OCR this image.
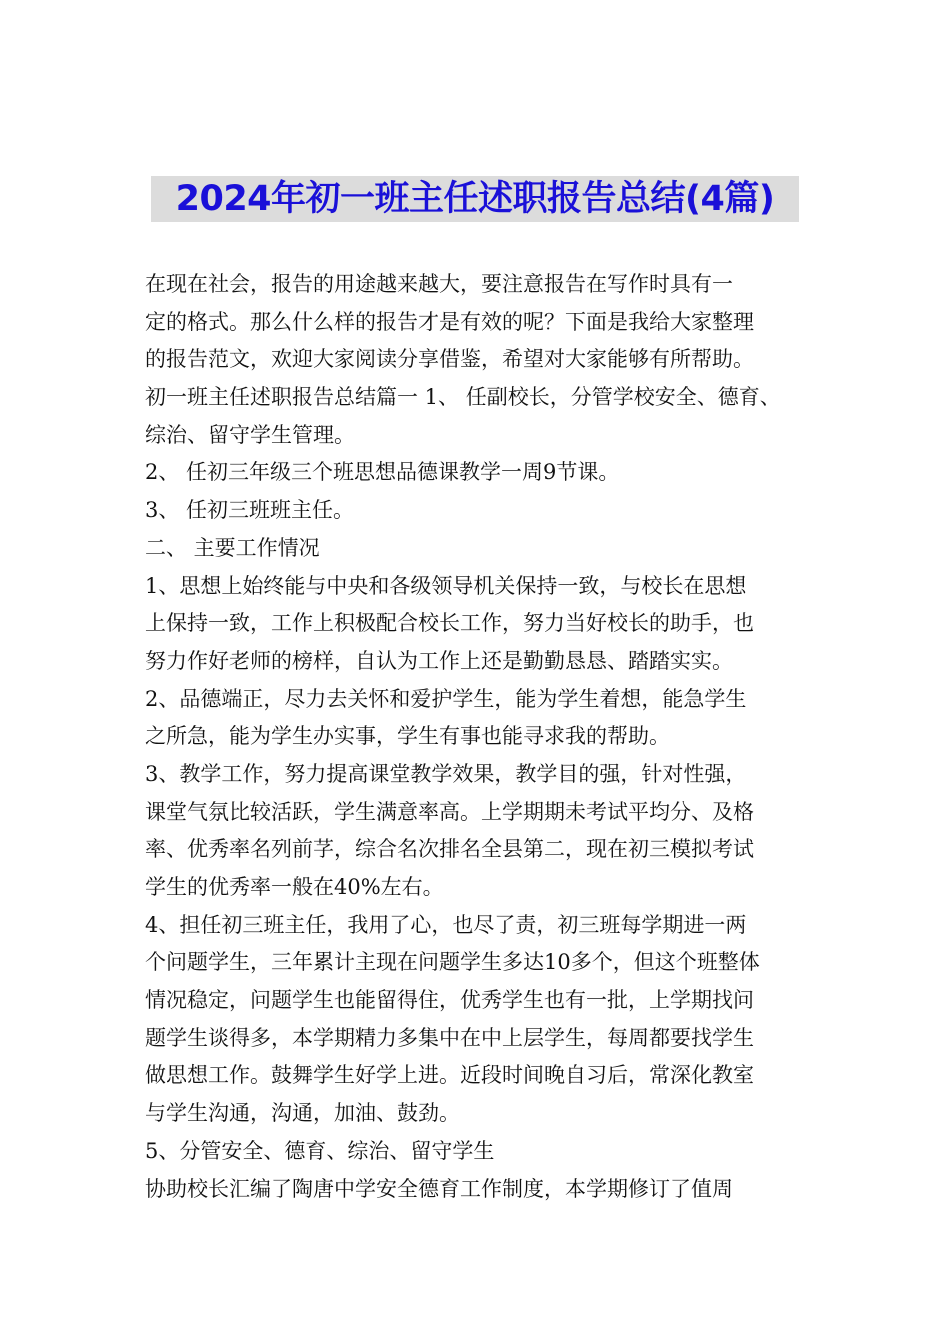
2024年初一班主任述职报告总结(4篇)

在现在社会，报告的用途越来越大，要注意报告在写作时具有一

定的格式。那么什么样的报告才是有效的呢？下面是我给大家整理

的报告范文，欢迎大家阅读分享借鉴，希望对大家能够有所帮助。

初一班主任述职报告总结篇一 1、 任副校长，分管学校安全、德育、

综治、留守学生管理。

2、 任初三年级三个班思想品德课教学一周9节课。

3、 任初三班班主任。

二、 主要工作情况

1、思想上始终能与中央和各级领导机关保持一致，与校长在思想

上保持一致，工作上积极配合校长工作，努力当好校长的助手，也

努力作好老师的榜样，自认为工作上还是勤勤恳恳、踏踏实实。

2、品德端正，尽力去关怀和爱护学生，能为学生着想，能急学生

之所急，能为学生办实事，学生有事也能寻求我的帮助。

3、教学工作，努力提高课堂教学效果，教学目的强，针对性强，

课堂气氛比较活跃，学生满意率高。上学期期未考试平均分、及格

率、优秀率名列前芓，综合名次排名全县第二，现在初三模拟考试

学生的优秀率一般在40%左右。

4、担任初三班主任，我用了心，也尽了责，初三班每学期进一两

个问题学生，三年累计主现在问题学生多达10多个，但这个班整体

情况稳定，问题学生也能留得住，优秀学生也有一批，上学期找问

题学生谈得多，本学期精力多集中在中上层学生，每周都要找学生

做思想工作。鼓舞学生好学上进。近段时间晚自习后，常深化教室

与学生沟通，沟通，加油、鼓劲。

5、分管安全、德育、综治、留守学生

协助校长汇编了陶唐中学安全德育工作制度，本学期修订了值周
